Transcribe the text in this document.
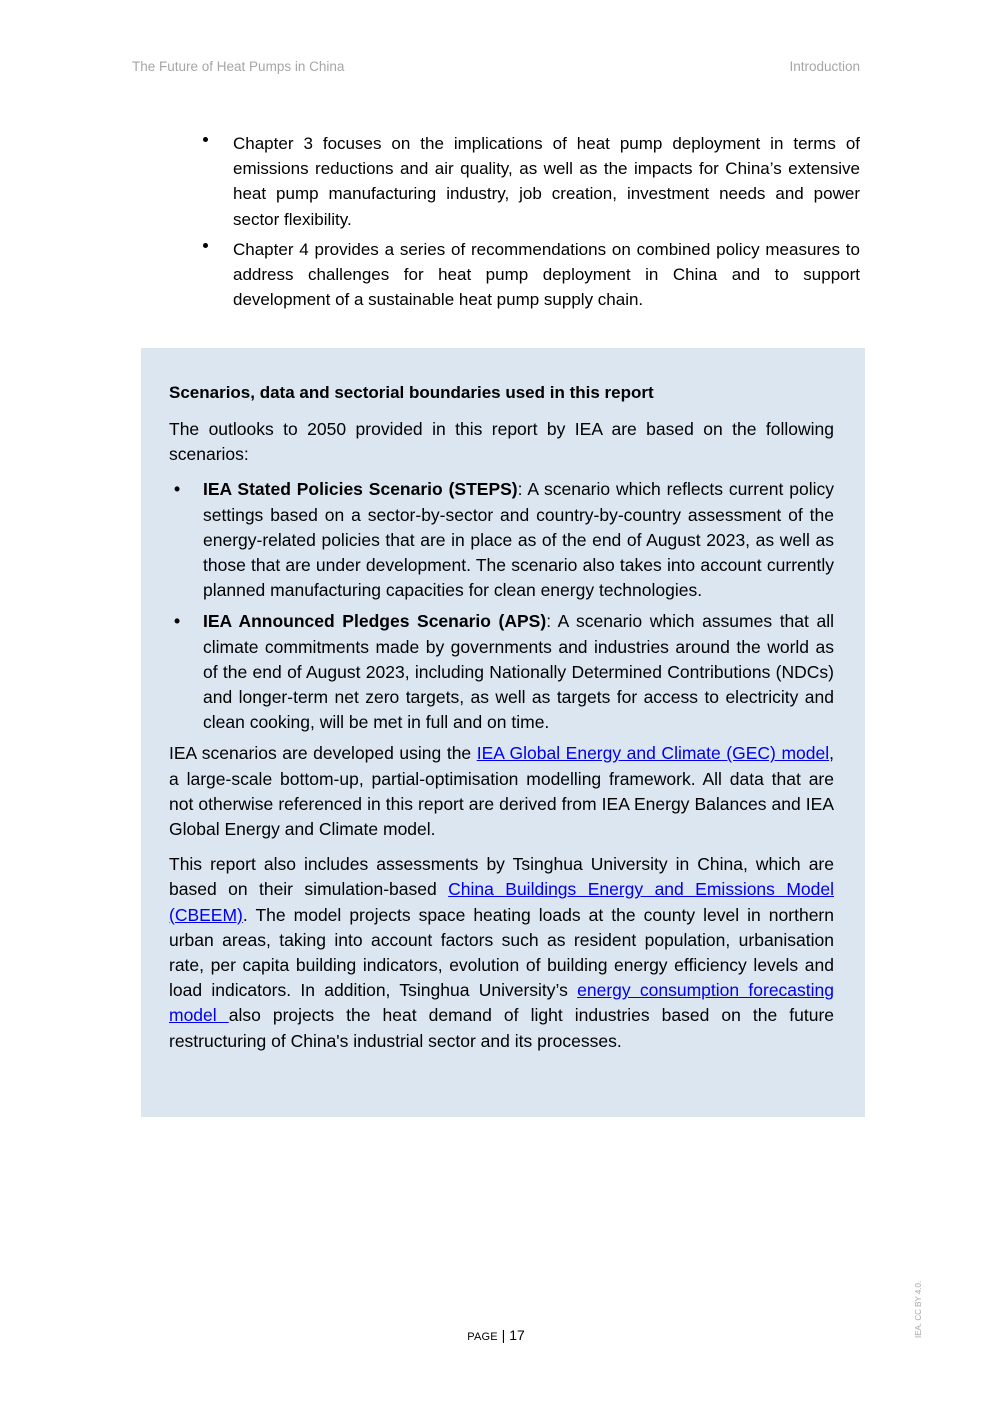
The Future of Heat Pumps in China	Introduction
Chapter 3 focuses on the implications of heat pump deployment in terms of emissions reductions and air quality, as well as the impacts for China’s extensive heat pump manufacturing industry, job creation, investment needs and power sector flexibility.
Chapter 4 provides a series of recommendations on combined policy measures to address challenges for heat pump deployment in China and to support development of a sustainable heat pump supply chain.
Scenarios, data and sectorial boundaries used in this report

The outlooks to 2050 provided in this report by IEA are based on the following scenarios:

• IEA Stated Policies Scenario (STEPS): A scenario which reflects current policy settings based on a sector-by-sector and country-by-country assessment of the energy-related policies that are in place as of the end of August 2023, as well as those that are under development. The scenario also takes into account currently planned manufacturing capacities for clean energy technologies.
• IEA Announced Pledges Scenario (APS): A scenario which assumes that all climate commitments made by governments and industries around the world as of the end of August 2023, including Nationally Determined Contributions (NDCs) and longer-term net zero targets, as well as targets for access to electricity and clean cooking, will be met in full and on time.

IEA scenarios are developed using the IEA Global Energy and Climate (GEC) model, a large-scale bottom-up, partial-optimisation modelling framework. All data that are not otherwise referenced in this report are derived from IEA Energy Balances and IEA Global Energy and Climate model.

This report also includes assessments by Tsinghua University in China, which are based on their simulation-based China Buildings Energy and Emissions Model (CBEEM). The model projects space heating loads at the county level in northern urban areas, taking into account factors such as resident population, urbanisation rate, per capita building indicators, evolution of building energy efficiency levels and load indicators. In addition, Tsinghua University’s energy consumption forecasting model also projects the heat demand of light industries based on the future restructuring of China's industrial sector and its processes.

PAGE | 17	IEA. CC BY 4.0.
